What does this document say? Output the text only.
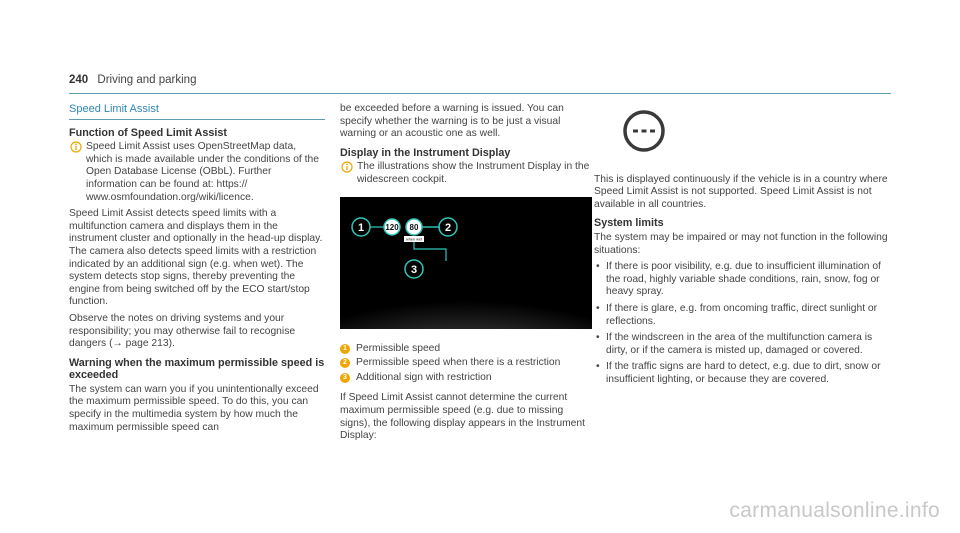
240 Driving and parking
Speed Limit Assist
Function of Speed Limit Assist
Speed Limit Assist uses OpenStreetMap data, which is made available under the conditions of the Open Database License (OBbL). Further information can be found at: https:// www.osmfoundation.org/wiki/licence.

Speed Limit Assist detects speed limits with a multifunction camera and displays them in the instrument cluster and optionally in the head-up display. The camera also detects speed limits with a restriction indicated by an additional sign (e.g. when wet). The system detects stop signs, thereby preventing the engine from being switched off by the ECO start/stop function.

Observe the notes on driving systems and your responsibility; you may otherwise fail to recognise dangers (→ page 213).

Warning when the maximum permissible speed is exceeded

The system can warn you if you unintentionally exceed the maximum permissible speed. To do this, you can specify in the multimedia system by how much the maximum permissible speed can

be exceeded before a warning is issued. You can specify whether the warning is to be just a visual warning or an acoustic one as well.

Display in the Instrument Display
The illustrations show the Instrument Display in the widescreen cockpit.
120 80
when wet
1	2
3
1 Permissible speed
2 Permissible speed when there is a restriction
3 Additional sign with restriction

If Speed Limit Assist cannot determine the current maximum permissible speed (e.g. due to missing signs), the following display appears in the Instrument Display:

This is displayed continuously if the vehicle is in a country where Speed Limit Assist is not supported. Speed Limit Assist is not available in all countries.

System limits

The system may be impaired or may not function in the following situations:

• If there is poor visibility, e.g. due to insufficient illumination of the road, highly variable shade conditions, rain, snow, fog or heavy spray.
• If there is glare, e.g. from oncoming traffic, direct sunlight or reflections.
• If the windscreen in the area of the multifunction camera is dirty, or if the camera is misted up, damaged or covered.
• If the traffic signs are hard to detect, e.g. due to dirt, snow or insufficient lighting, or because they are covered.
carmanualsonline.info
